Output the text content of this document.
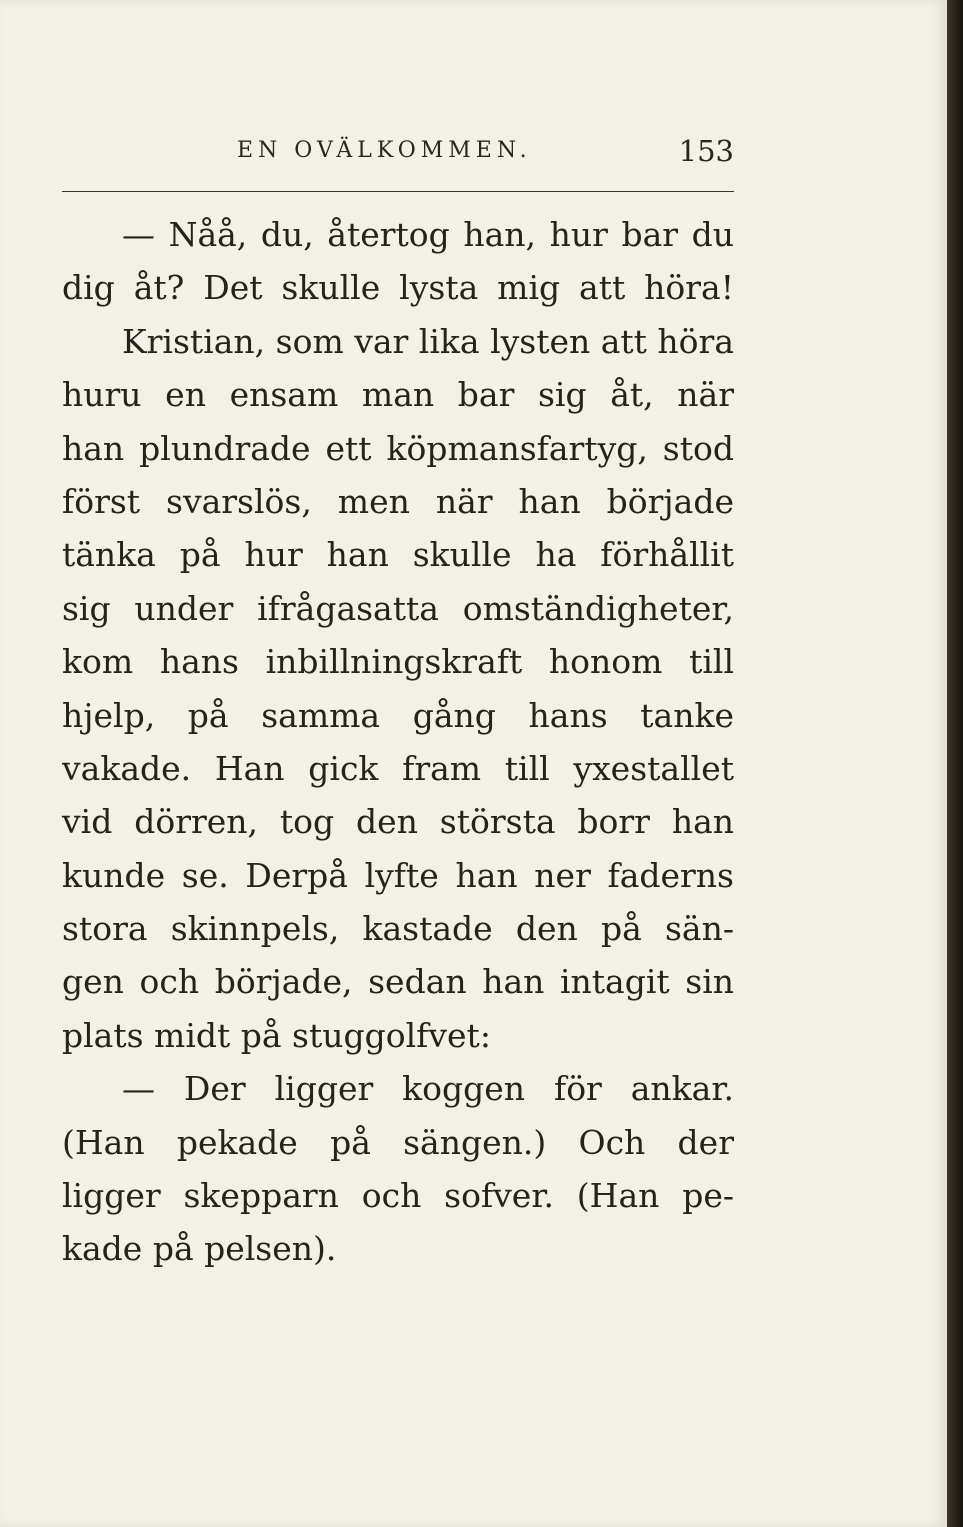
EN OVÄLKOMMEN.	153
— Nåå, du, återtog han, hur bar du
dig åt? Det skulle lysta mig att höra!
Kristian, som var lika lysten att höra
huru en ensam man bar sig åt, när
han plundrade ett köpmansfartyg, stod
först svarslös, men när han började
tänka på hur han skulle ha förhållit
sig under ifrågasatta omständigheter,
kom hans inbillningskraft honom till
hjelp, på samma gång hans tanke
vakade. Han gick fram till yxestallet
vid dörren, tog den största borr han
kunde se. Derpå lyfte han ner faderns
stora skinnpels, kastade den på sän-
gen och började, sedan han intagit sin
plats midt på stuggolfvet:
— Der ligger koggen för ankar.
(Han pekade på sängen.) Och der
ligger skepparn och sofver. (Han pe-
kade på pelsen).
